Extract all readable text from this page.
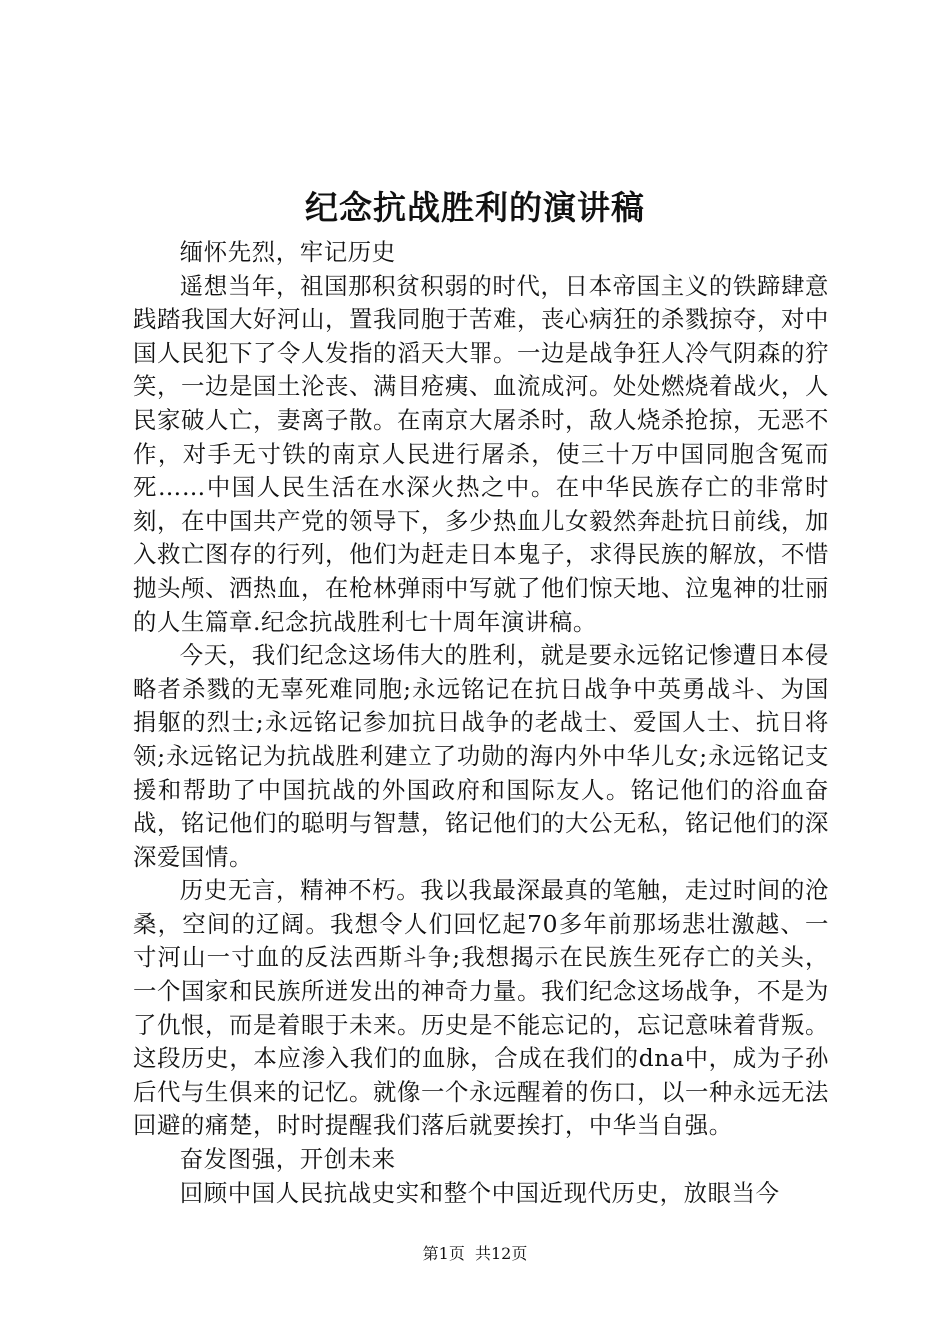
纪念抗战胜利的演讲稿

缅怀先烈，牢记历史

遥想当年，祖国那积贫积弱的时代，日本帝国主义的铁蹄肆意践踏我国大好河山，置我同胞于苦难，丧心病狂的杀戮掠夺，对中国人民犯下了令人发指的滔天大罪。一边是战争狂人冷气阴森的狞笑，一边是国土沦丧、满目疮痍、血流成河。处处燃烧着战火，人民家破人亡，妻离子散。在南京大屠杀时，敌人烧杀抢掠，无恶不作，对手无寸铁的南京人民进行屠杀，使三十万中国同胞含冤而死……中国人民生活在水深火热之中。在中华民族存亡的非常时刻，在中国共产党的领导下，多少热血儿女毅然奔赴抗日前线，加入救亡图存的行列，他们为赶走日本鬼子，求得民族的解放，不惜抛头颅、洒热血，在枪林弹雨中写就了他们惊天地、泣鬼神的壮丽的人生篇章.纪念抗战胜利七十周年演讲稿。

今天，我们纪念这场伟大的胜利，就是要永远铭记惨遭日本侵略者杀戮的无辜死难同胞;永远铭记在抗日战争中英勇战斗、为国捐躯的烈士;永远铭记参加抗日战争的老战士、爱国人士、抗日将领;永远铭记为抗战胜利建立了功勋的海内外中华儿女;永远铭记支援和帮助了中国抗战的外国政府和国际友人。铭记他们的浴血奋战，铭记他们的聪明与智慧，铭记他们的大公无私，铭记他们的深深爱国情。

历史无言，精神不朽。我以我最深最真的笔触，走过时间的沧桑，空间的辽阔。我想令人们回忆起70多年前那场悲壮激越、一寸河山一寸血的反法西斯斗争;我想揭示在民族生死存亡的关头，一个国家和民族所迸发出的神奇力量。我们纪念这场战争，不是为了仇恨，而是着眼于未来。历史是不能忘记的，忘记意味着背叛。这段历史，本应渗入我们的血脉，合成在我们的dna中，成为子孙后代与生俱来的记忆。就像一个永远醒着的伤口，以一种永远无法回避的痛楚，时时提醒我们落后就要挨打，中华当自强。

奋发图强，开创未来

回顾中国人民抗战史实和整个中国近现代历史，放眼当今

第1页  共12页
